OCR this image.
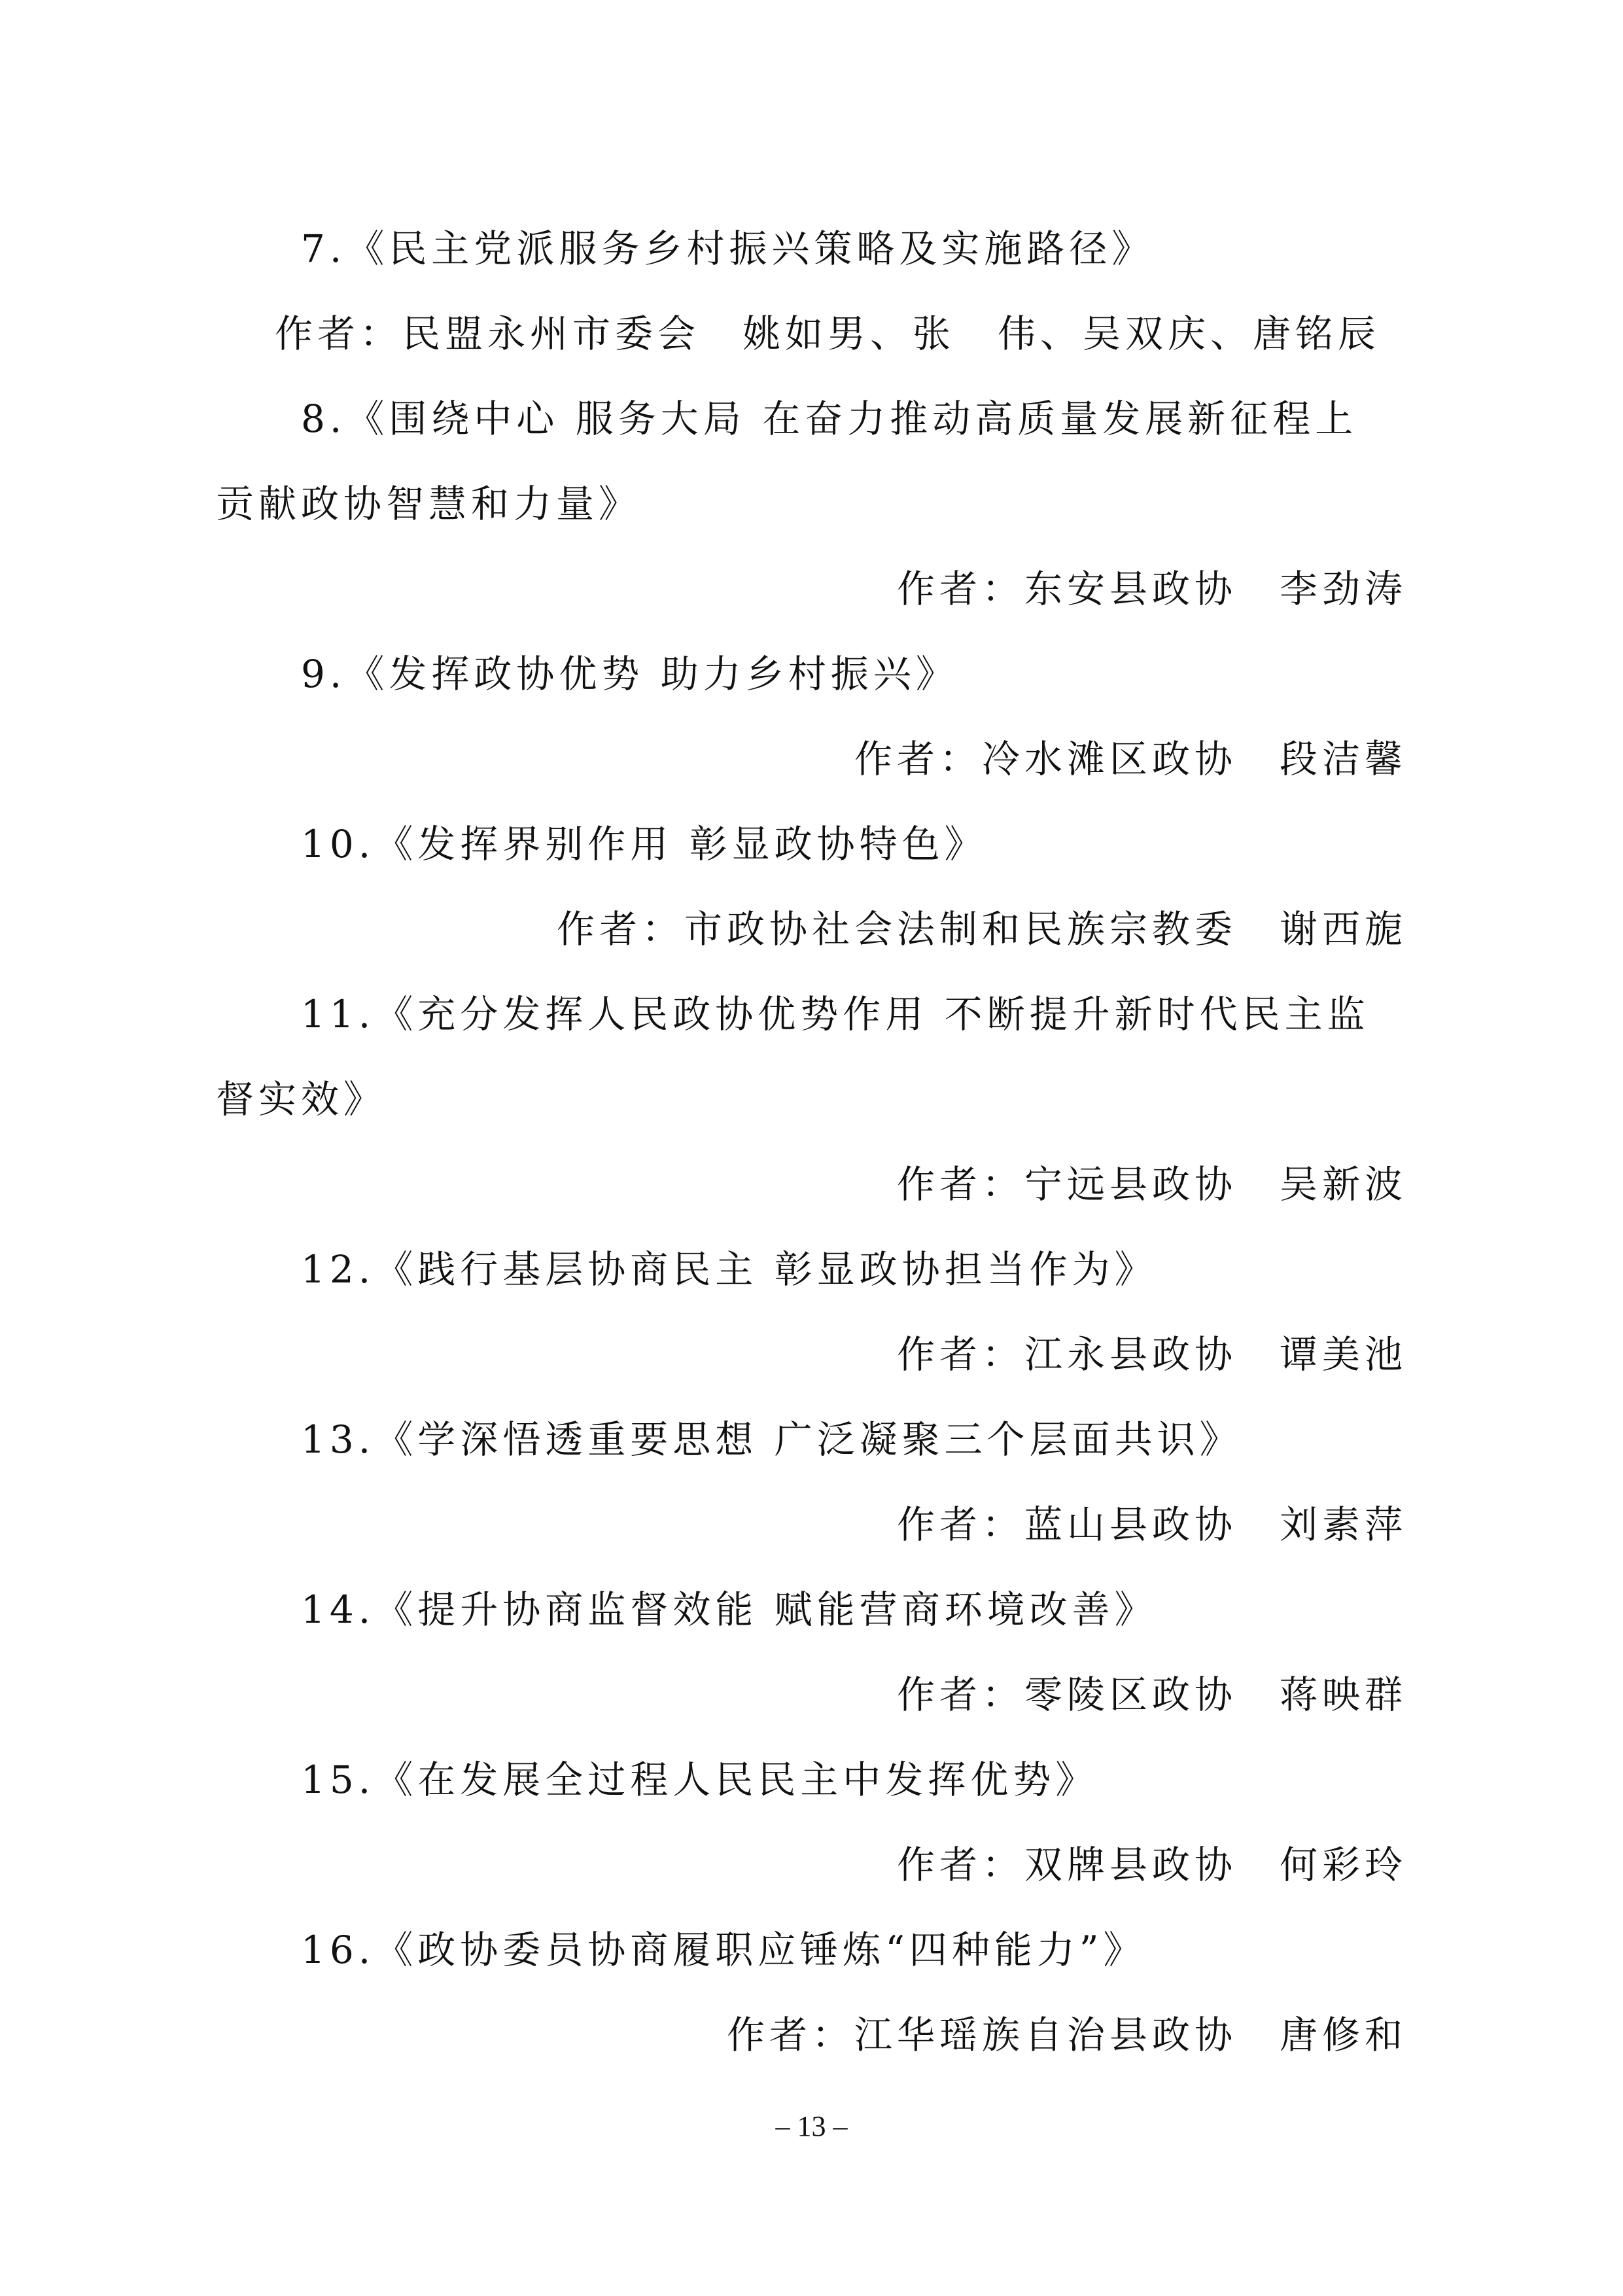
7.《民主党派服务乡村振兴策略及实施路径》
作者：民盟永州市委会　姚如男、张　伟、吴双庆、唐铭辰
8.《围绕中心 服务大局 在奋力推动高质量发展新征程上
贡献政协智慧和力量》
作者：东安县政协　李劲涛
9.《发挥政协优势 助力乡村振兴》
作者：冷水滩区政协　段洁馨
10.《发挥界别作用 彰显政协特色》
作者：市政协社会法制和民族宗教委　谢西旎
11.《充分发挥人民政协优势作用 不断提升新时代民主监
督实效》
作者：宁远县政协　吴新波
12.《践行基层协商民主 彰显政协担当作为》
作者：江永县政协　谭美池
13.《学深悟透重要思想 广泛凝聚三个层面共识》
作者：蓝山县政协　刘素萍
14.《提升协商监督效能 赋能营商环境改善》
作者：零陵区政协　蒋映群
15.《在发展全过程人民民主中发挥优势》
作者：双牌县政协　何彩玲
16.《政协委员协商履职应锤炼“四种能力”》
作者：江华瑶族自治县政协　唐修和
– 13 –
